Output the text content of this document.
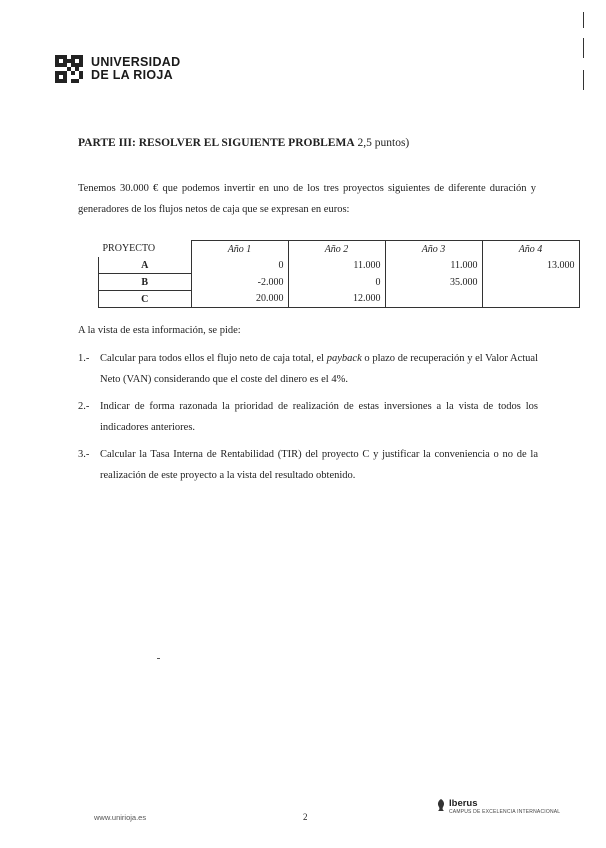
UNIVERSIDAD
DE LA RIOJA
PARTE III: RESOLVER EL SIGUIENTE PROBLEMA 2,5 puntos)
Tenemos 30.000 € que podemos invertir en uno de los tres proyectos siguientes de diferente duración y generadores de los flujos netos de caja que se expresan en euros:
PROYECTO	Año 1	Año 2	Año 3	Año 4
A	0	11.000	11.000	13.000
B	-2.000	0	35.000	
C	20.000	12.000		
A la vista de esta información, se pide:
1.-	Calcular para todos ellos el flujo neto de caja total, el payback o plazo de recuperación y el Valor Actual Neto (VAN) considerando que el coste del dinero es el 4%.
2.-	Indicar de forma razonada la prioridad de realización de estas inversiones a la vista de todos los indicadores anteriores.
3.-	Calcular la Tasa Interna de Rentabilidad (TIR) del proyecto C y justificar la conveniencia o no de la realización de este proyecto a la vista del resultado obtenido.
www.unirioja.es	2
Iberus
CAMPUS DE EXCELENCIA INTERNACIONAL
